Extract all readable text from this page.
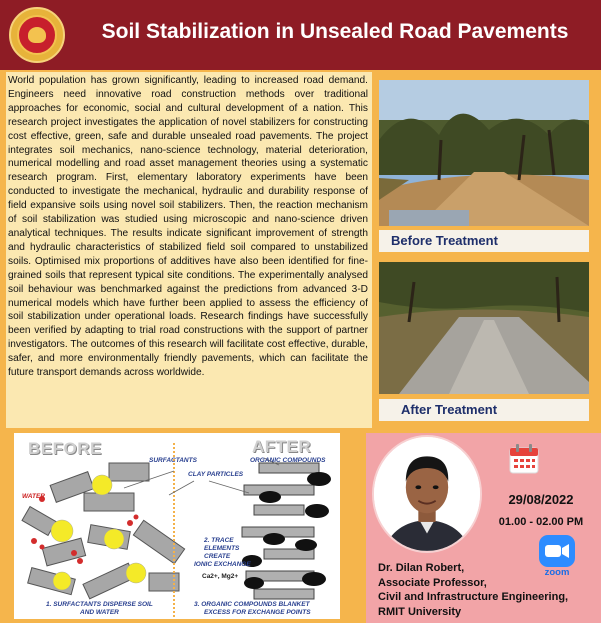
Soil Stabilization in Unsealed Road Pavements
World population has grown significantly, leading to increased road demand. Engineers need innovative road construction methods over traditional approaches for economic, social and cultural development of a nation. This research project investigates the application of novel stabilizers for constructing cost effective, green, safe and durable unsealed road pavements. The project integrates soil mechanics, nano-science technology, material deterioration, numerical modelling and road asset management theories using a systematic research program. First, elementary laboratory experiments have been conducted to investigate the mechanical, hydraulic and durability response of field expansive soils using novel soil stabilizers. Then, the reaction mechanism of soil stabilization was studied using microscopic and nano-science driven analytical techniques. The results indicate significant improvement of strength and hydraulic characteristics of stabilized field soil compared to unstabilized soils. Optimised mix proportions of additives have also been identified for fine-grained soils that represent typical site conditions. The experimentally analysed soil behaviour was benchmarked against the predictions from advanced 3-D numerical models which have further been applied to assess the efficiency of soil stabilization under operational loads. Research findings have successfully been verified by adapting to trial road constructions with the support of partner investigators. The outcomes of this research will facilitate cost effective, durable, safer, and more environmentally friendly pavements, which can facilitate the future transport demands across worldwide.
Before Treatment
After Treatment
BEFORE	AFTER
SURFACTANTS
CLAY PARTICLES
ORGANIC COMPOUNDS
WATER
2. TRACE
ELEMENTS
CREATE
IONIC EXCHANGE
Ca2+, Mg2+
1. SURFACTANTS DISPERSE SOIL
AND WATER
3. ORGANIC COMPOUNDS BLANKET
EXCESS FOR EXCHANGE POINTS
29/08/2022
01.00 - 02.00 PM
zoom
Dr. Dilan Robert,
Associate Professor,
Civil and Infrastructure Engineering,
RMIT University
